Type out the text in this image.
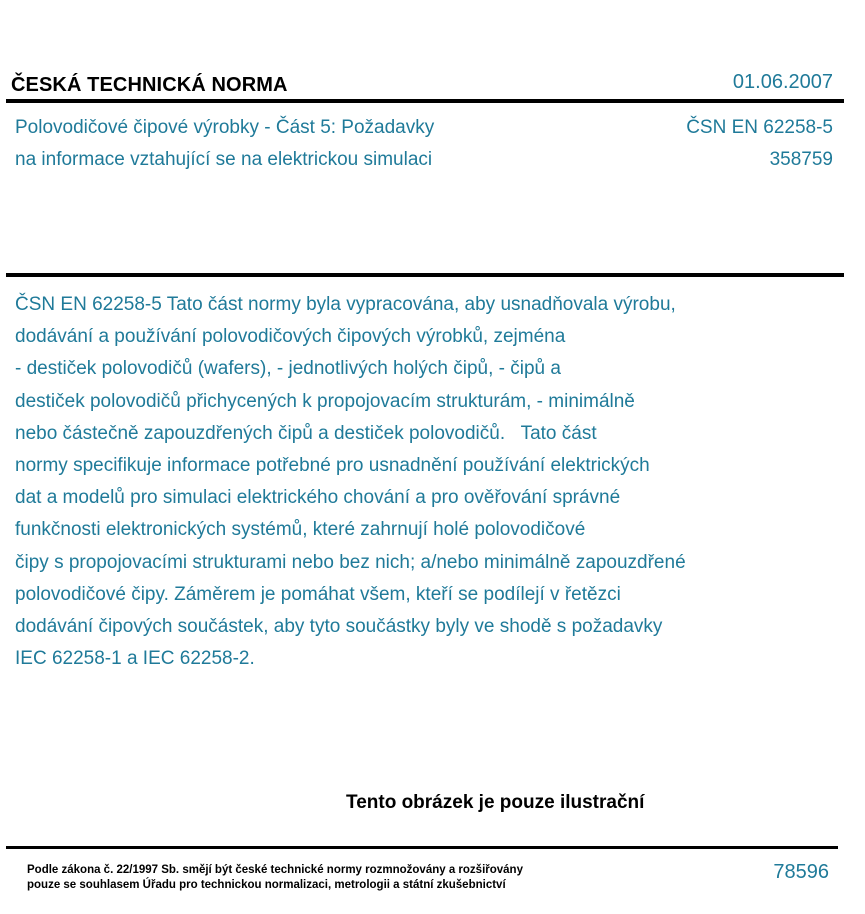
ČESKÁ TECHNICKÁ NORMA	01.06.2007
Polovodičové čipové výrobky - Část 5: Požadavky
na informace vztahující se na elektrickou simulaci
ČSN EN 62258-5
358759
ČSN EN 62258-5 Tato část normy byla vypracována, aby usnadňovala výrobu,
dodávání a používání polovodičových čipových výrobků, zejména
- destiček polovodičů (wafers), - jednotlivých holých čipů, - čipů a
destiček polovodičů přichycených k propojovacím strukturám, - minimálně
nebo částečně zapouzdřených čipů a destiček polovodičů.   Tato část
normy specifikuje informace potřebné pro usnadnění používání elektrických
dat a modelů pro simulaci elektrického chování a pro ověřování správné
funkčnosti elektronických systémů, které zahrnují holé polovodičové
čipy s propojovacími strukturami nebo bez nich; a/nebo minimálně zapouzdřené
polovodičové čipy. Záměrem je pomáhat všem, kteří se podílejí v řetězci
dodávání čipových součástek, aby tyto součástky byly ve shodě s požadavky
IEC 62258-1 a IEC 62258-2.
Tento obrázek je pouze ilustrační
Podle zákona č. 22/1997 Sb. smějí být české technické normy rozmnožovány a rozšiřovány
pouze se souhlasem Úřadu pro technickou normalizaci, metrologii a státní zkušebnictví
78596
